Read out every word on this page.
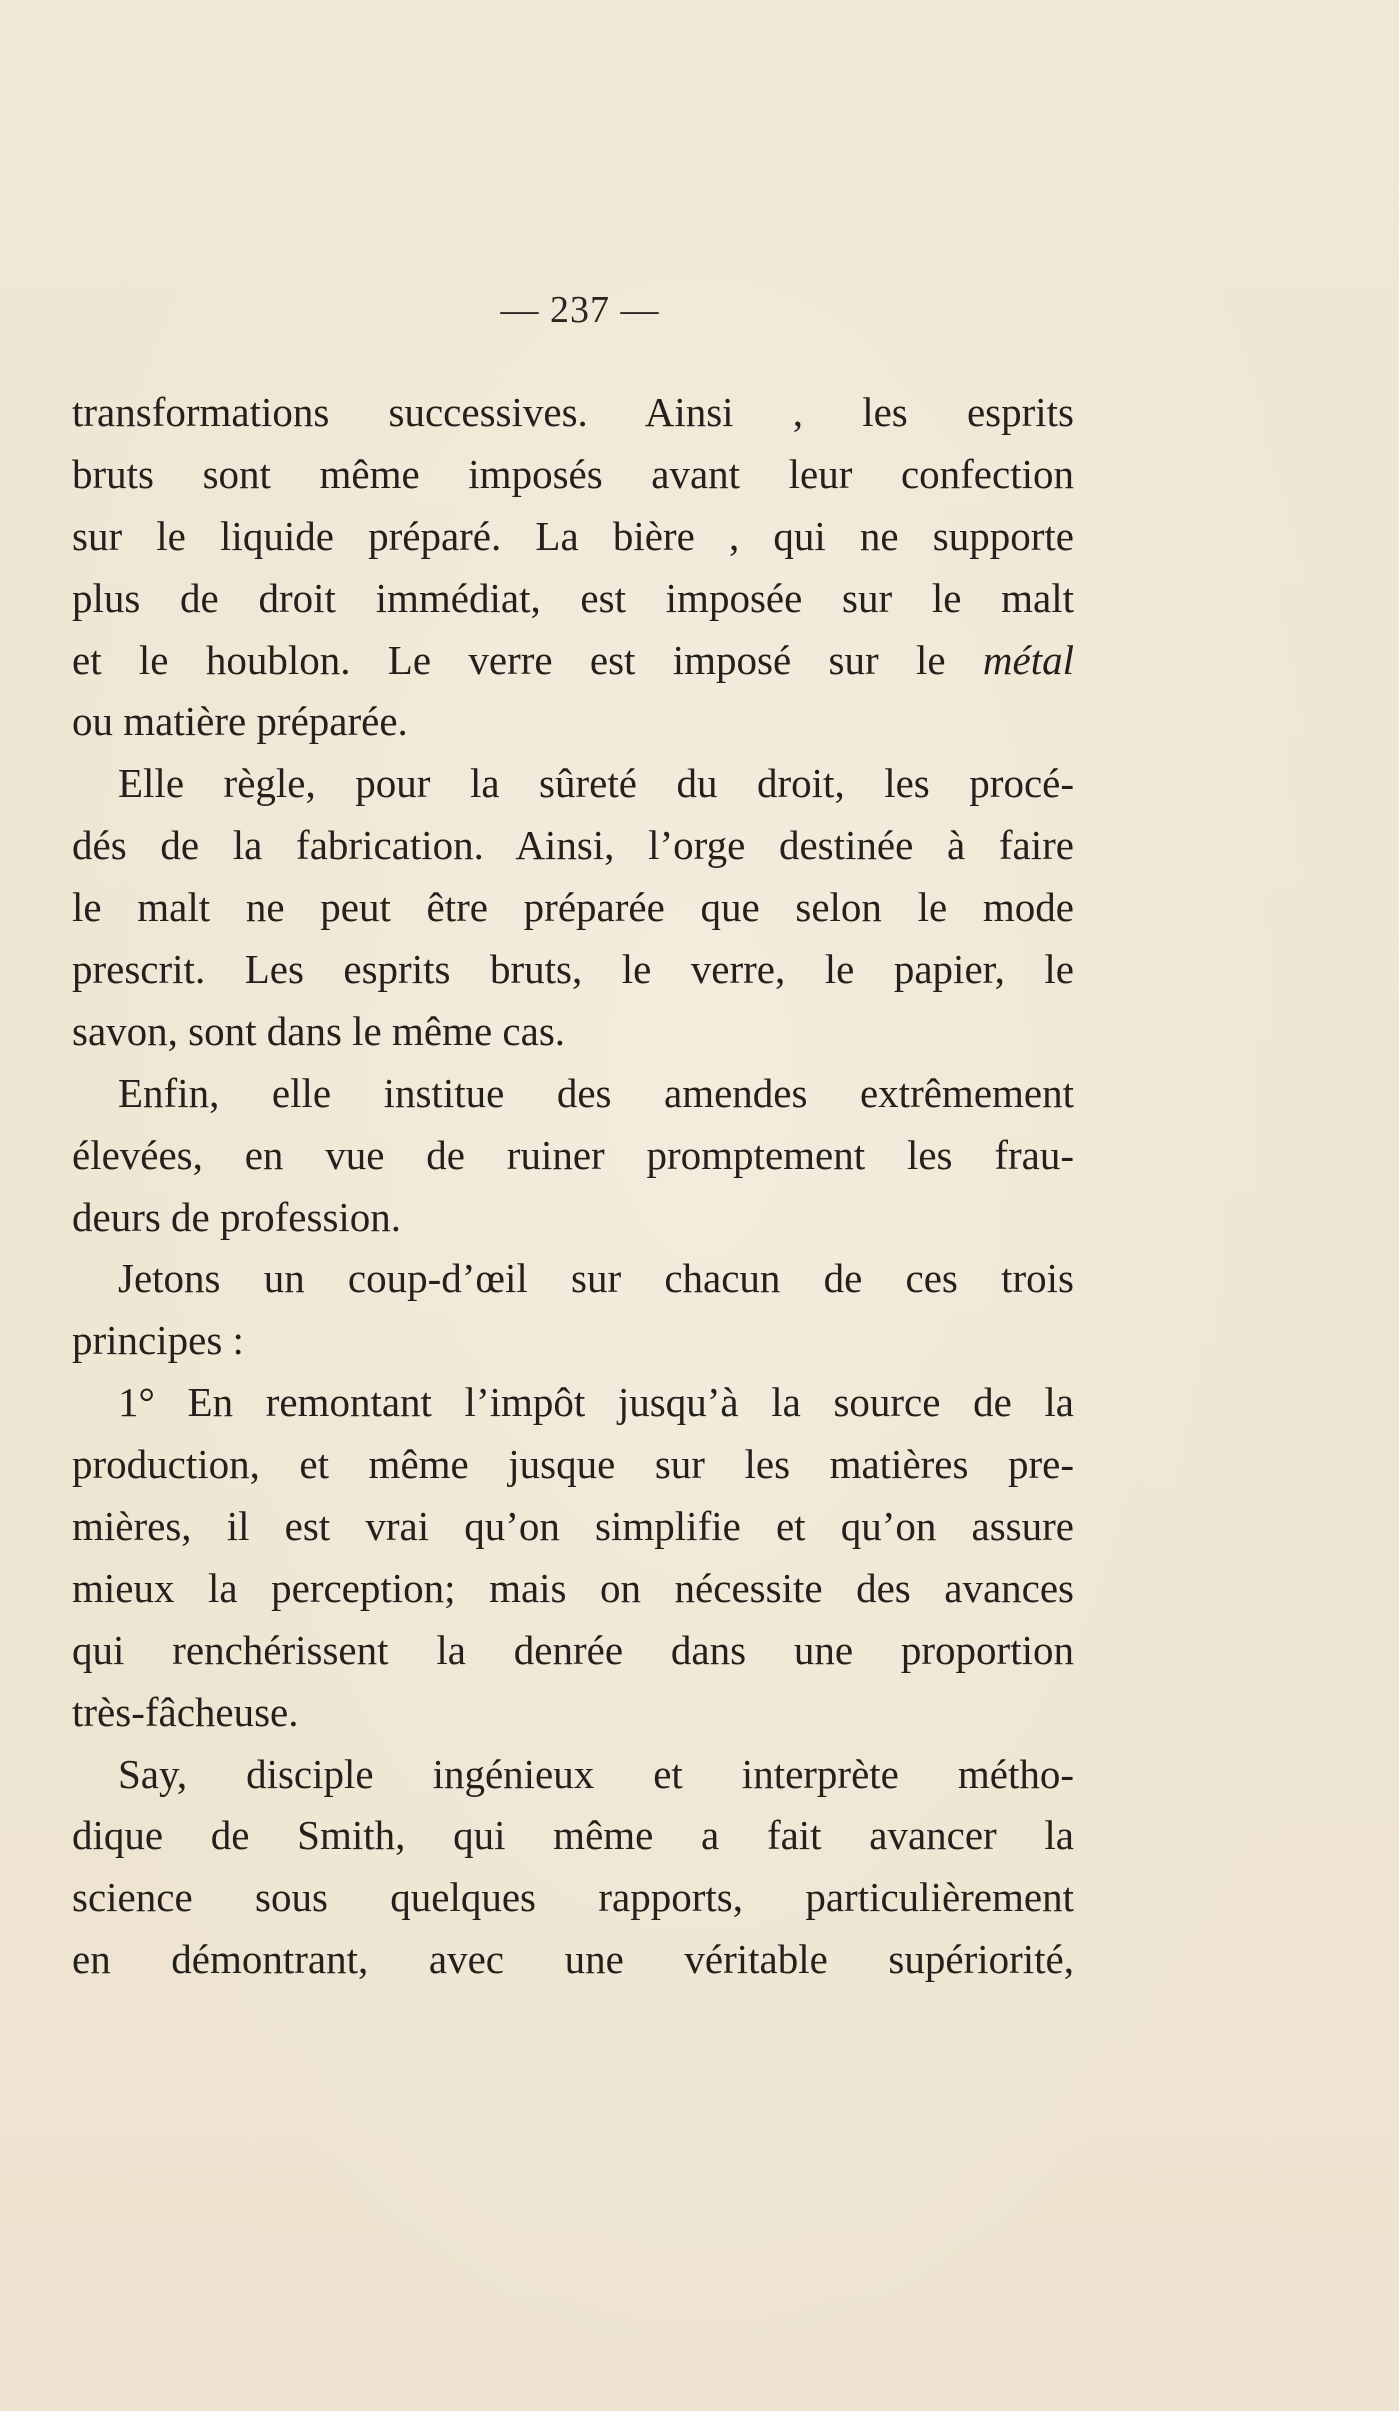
— 237 —
transformations successives. Ainsi , les esprits
bruts sont même imposés avant leur confection
sur le liquide préparé. La bière , qui ne supporte
plus de droit immédiat, est imposée sur le malt
et le houblon. Le verre est imposé sur le métal
ou matière préparée.
Elle règle, pour la sûreté du droit, les procé-
dés de la fabrication. Ainsi, l’orge destinée à faire
le malt ne peut être préparée que selon le mode
prescrit. Les esprits bruts, le verre, le papier, le
savon, sont dans le même cas.
Enfin, elle institue des amendes extrêmement
élevées, en vue de ruiner promptement les frau-
deurs de profession.
Jetons un coup-d’œil sur chacun de ces trois
principes :
1° En remontant l’impôt jusqu’à la source de la
production, et même jusque sur les matières pre-
mières, il est vrai qu’on simplifie et qu’on assure
mieux la perception; mais on nécessite des avances
qui renchérissent la denrée dans une proportion
très-fâcheuse.
Say, disciple ingénieux et interprète métho-
dique de Smith, qui même a fait avancer la
science sous quelques rapports, particulièrement
en démontrant, avec une véritable supériorité,
